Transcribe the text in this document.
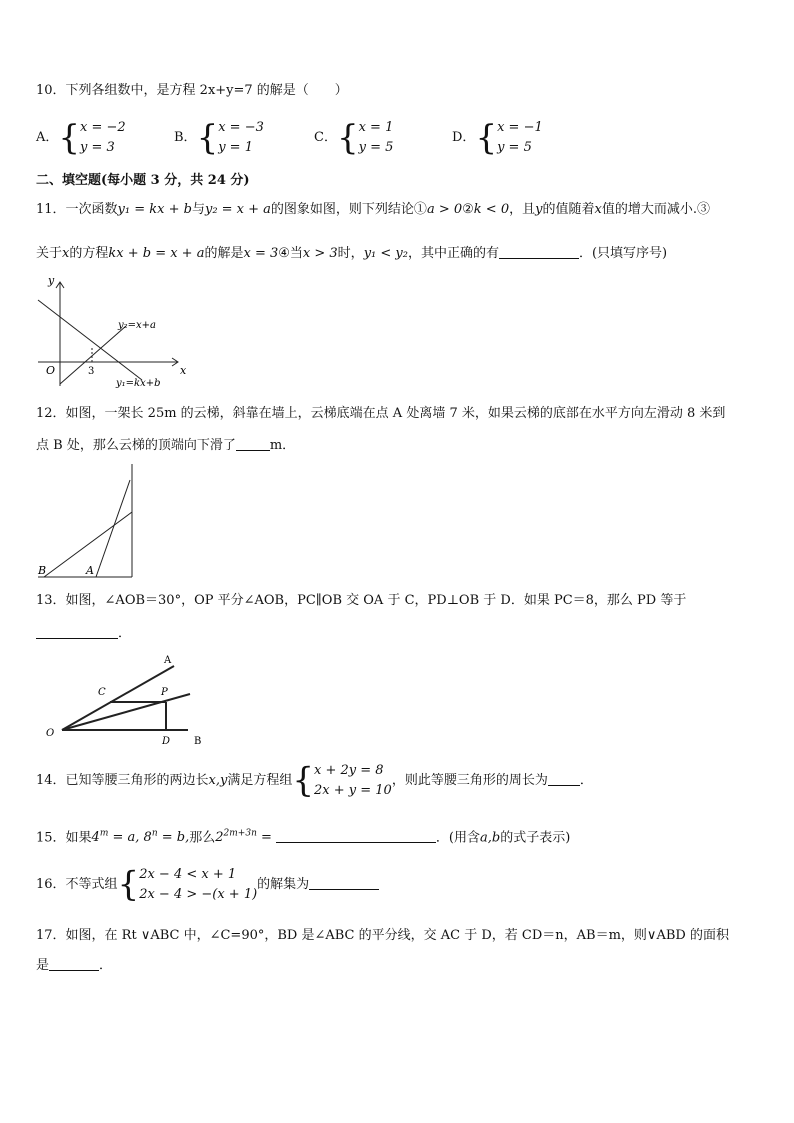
10．下列各组数中，是方程 2x+y=7 的解是（　　）
A．{x = −2
y = 3
B．{x = −3
y = 1
C．{x = 1
y = 5
D．{x = −1
y = 5
二、填空题(每小题 3 分，共 24 分)
11．一次函数y₁ = kx + b与y₂ = x + a的图象如图，则下列结论①a > 0②k < 0，且y的值随着x值的增大而减小.③
关于x的方程kx + b = x + a的解是x = 3④当x > 3时，y₁ < y₂，其中正确的有	．(只填写序号)
y
x
O	3
y₂=x+a
y₁=kx+b
12．如图，一架长 25m 的云梯，斜靠在墙上，云梯底端在点 A 处离墙 7 米，如果云梯的底部在水平方向左滑动 8 米到
点 B 处，那么云梯的顶端向下滑了	m．
B	A
13．如图，∠AOB＝30°，OP 平分∠AOB，PC∥OB 交 OA 于 C，PD⊥OB 于 D．如果 PC＝8，那么 PD 等于
．
A
C	P
O
D B
14．已知等腰三角形的两边长x,y满足方程组{x + 2y = 8
2x + y = 10，则此等腰三角形的周长为 ．
15．如果$4^m = a$, $8^n = b$,那么$2^{2m+3n}$ =	．(用含a,b的式子表示)
16．不等式组{2x − 4 < x + 1
2x − 4 > −(x + 1)的解集为
17．如图，在 Rt ∨ABC 中，∠C=90°，BD 是∠ABC 的平分线，交 AC 于 D，若 CD＝n，AB＝m，则∨ABD 的面积
是	．
